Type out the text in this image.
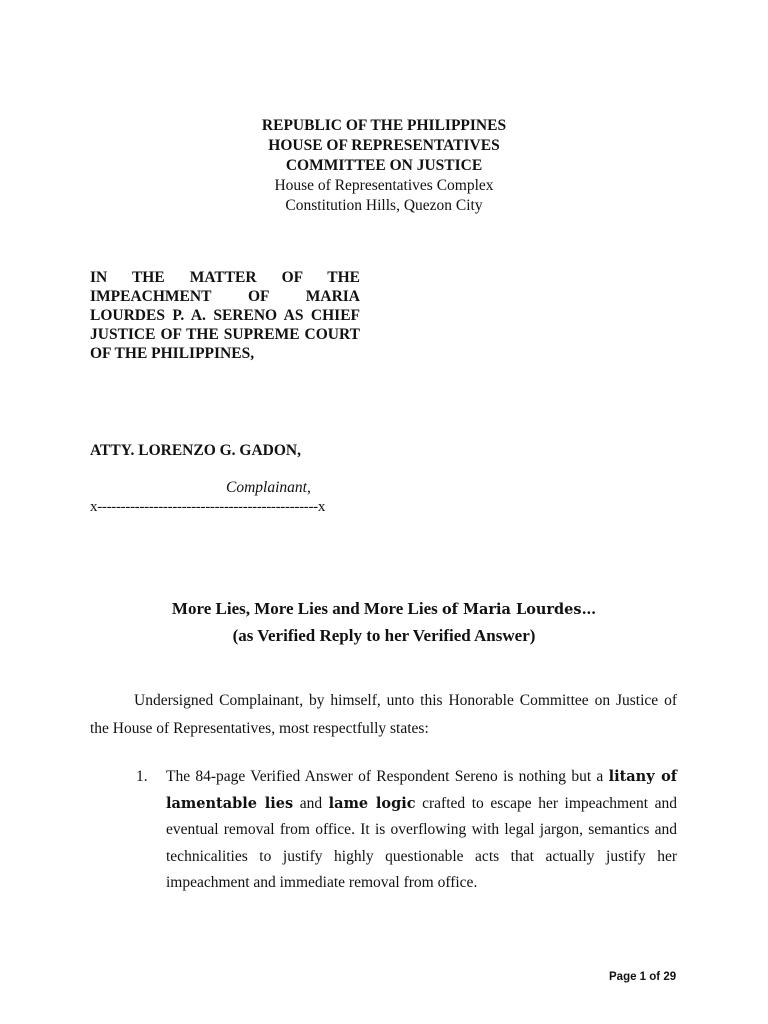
REPUBLIC OF THE PHILIPPINES
HOUSE OF REPRESENTATIVES
COMMITTEE ON JUSTICE
House of Representatives Complex
Constitution Hills, Quezon City
IN THE MATTER OF THE IMPEACHMENT OF MARIA LOURDES P. A. SERENO AS CHIEF JUSTICE OF THE SUPREME COURT OF THE PHILIPPINES,
ATTY. LORENZO G. GADON,
Complainant,
x-----------------------------------------------x
More Lies, More Lies and More Lies of Maria Lourdes…
(as Verified Reply to her Verified Answer)
Undersigned Complainant, by himself, unto this Honorable Committee on Justice of the House of Representatives, most respectfully states:
1. The 84-page Verified Answer of Respondent Sereno is nothing but a litany of lamentable lies and lame logic crafted to escape her impeachment and eventual removal from office. It is overflowing with legal jargon, semantics and technicalities to justify highly questionable acts that actually justify her impeachment and immediate removal from office.
Page 1 of 29
